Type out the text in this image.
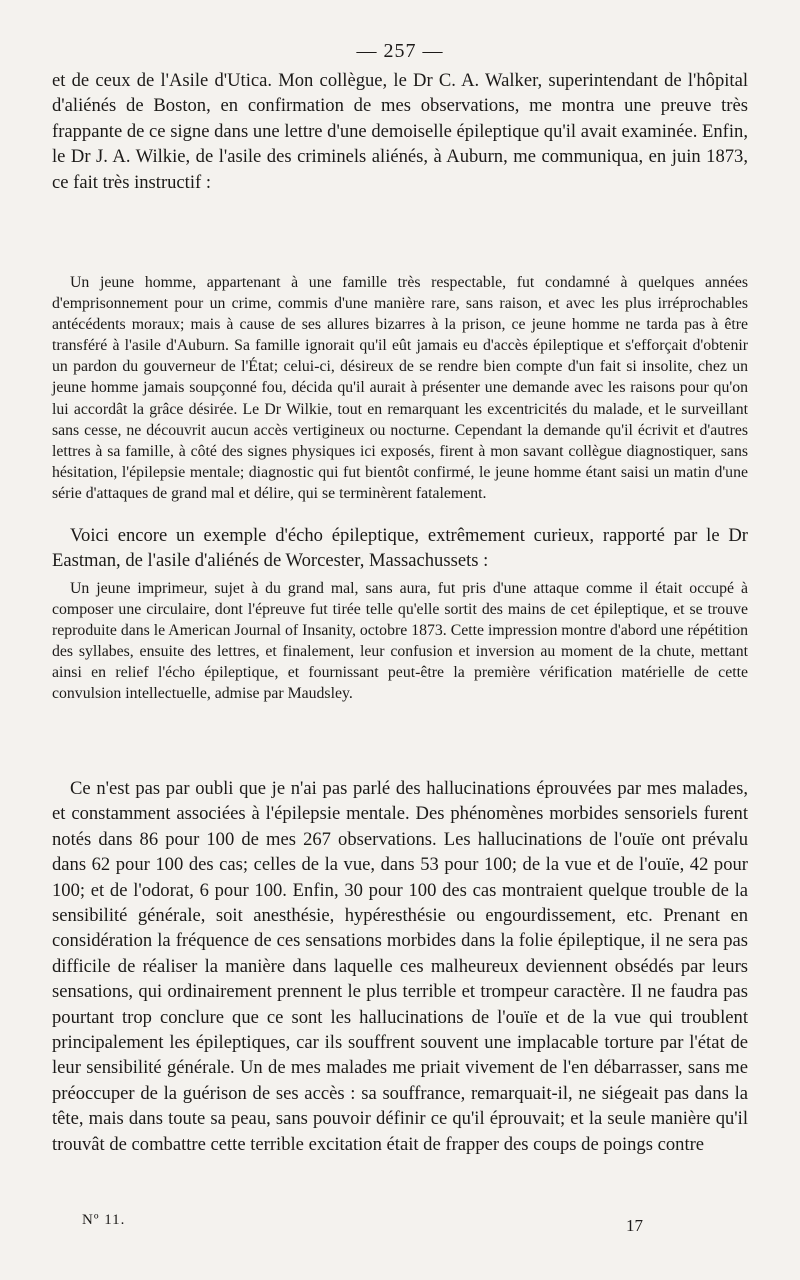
— 257 —

et de ceux de l'Asile d'Utica. Mon collègue, le Dr C. A. Walker, superintendant de l'hôpital d'aliénés de Boston, en confirmation de mes observations, me montra une preuve très frappante de ce signe dans une lettre d'une demoiselle épileptique qu'il avait examinée. Enfin, le Dr J. A. Wilkie, de l'asile des criminels aliénés, à Auburn, me communiqua, en juin 1873, ce fait très instructif :

Un jeune homme, appartenant à une famille très respectable, fut condamné à quelques années d'emprisonnement pour un crime, commis d'une manière rare, sans raison, et avec les plus irréprochables antécédents moraux; mais à cause de ses allures bizarres à la prison, ce jeune homme ne tarda pas à être transféré à l'asile d'Auburn. Sa famille ignorait qu'il eût jamais eu d'accès épileptique et s'efforçait d'obtenir un pardon du gouverneur de l'État; celui-ci, désireux de se rendre bien compte d'un fait si insolite, chez un jeune homme jamais soupçonné fou, décida qu'il aurait à présenter une demande avec les raisons pour qu'on lui accordât la grâce désirée. Le Dr Wilkie, tout en remarquant les excentricités du malade, et le surveillant sans cesse, ne découvrit aucun accès vertigineux ou nocturne. Cependant la demande qu'il écrivit et d'autres lettres à sa famille, à côté des signes physiques ici exposés, firent à mon savant collègue diagnostiquer, sans hésitation, l'épilepsie mentale; diagnostic qui fut bientôt confirmé, le jeune homme étant saisi un matin d'une série d'attaques de grand mal et délire, qui se terminèrent fatalement.

Voici encore un exemple d'écho épileptique, extrêmement curieux, rapporté par le Dr Eastman, de l'asile d'aliénés de Worcester, Massachussets :

Un jeune imprimeur, sujet à du grand mal, sans aura, fut pris d'une attaque comme il était occupé à composer une circulaire, dont l'épreuve fut tirée telle qu'elle sortit des mains de cet épileptique, et se trouve reproduite dans le American Journal of Insanity, octobre 1873. Cette impression montre d'abord une répétition des syllabes, ensuite des lettres, et finalement, leur confusion et inversion au moment de la chute, mettant ainsi en relief l'écho épileptique, et fournissant peut-être la première vérification matérielle de cette convulsion intellectuelle, admise par Maudsley.

Ce n'est pas par oubli que je n'ai pas parlé des hallucinations éprouvées par mes malades, et constamment associées à l'épilepsie mentale. Des phénomènes morbides sensoriels furent notés dans 86 pour 100 de mes 267 observations. Les hallucinations de l'ouïe ont prévalu dans 62 pour 100 des cas; celles de la vue, dans 53 pour 100; de la vue et de l'ouïe, 42 pour 100; et de l'odorat, 6 pour 100. Enfin, 30 pour 100 des cas montraient quelque trouble de la sensibilité générale, soit anesthésie, hypéresthésie ou engourdissement, etc. Prenant en considération la fréquence de ces sensations morbides dans la folie épileptique, il ne sera pas difficile de réaliser la manière dans laquelle ces malheureux deviennent obsédés par leurs sensations, qui ordinairement prennent le plus terrible et trompeur caractère. Il ne faudra pas pourtant trop conclure que ce sont les hallucinations de l'ouïe et de la vue qui troublent principalement les épileptiques, car ils souffrent souvent une implacable torture par l'état de leur sensibilité générale. Un de mes malades me priait vivement de l'en débarrasser, sans me préoccuper de la guérison de ses accès : sa souffrance, remarquait-il, ne siégeait pas dans la tête, mais dans toute sa peau, sans pouvoir définir ce qu'il éprouvait; et la seule manière qu'il trouvât de combattre cette terrible excitation était de frapper des coups de poings contre

Nº 11.	17
